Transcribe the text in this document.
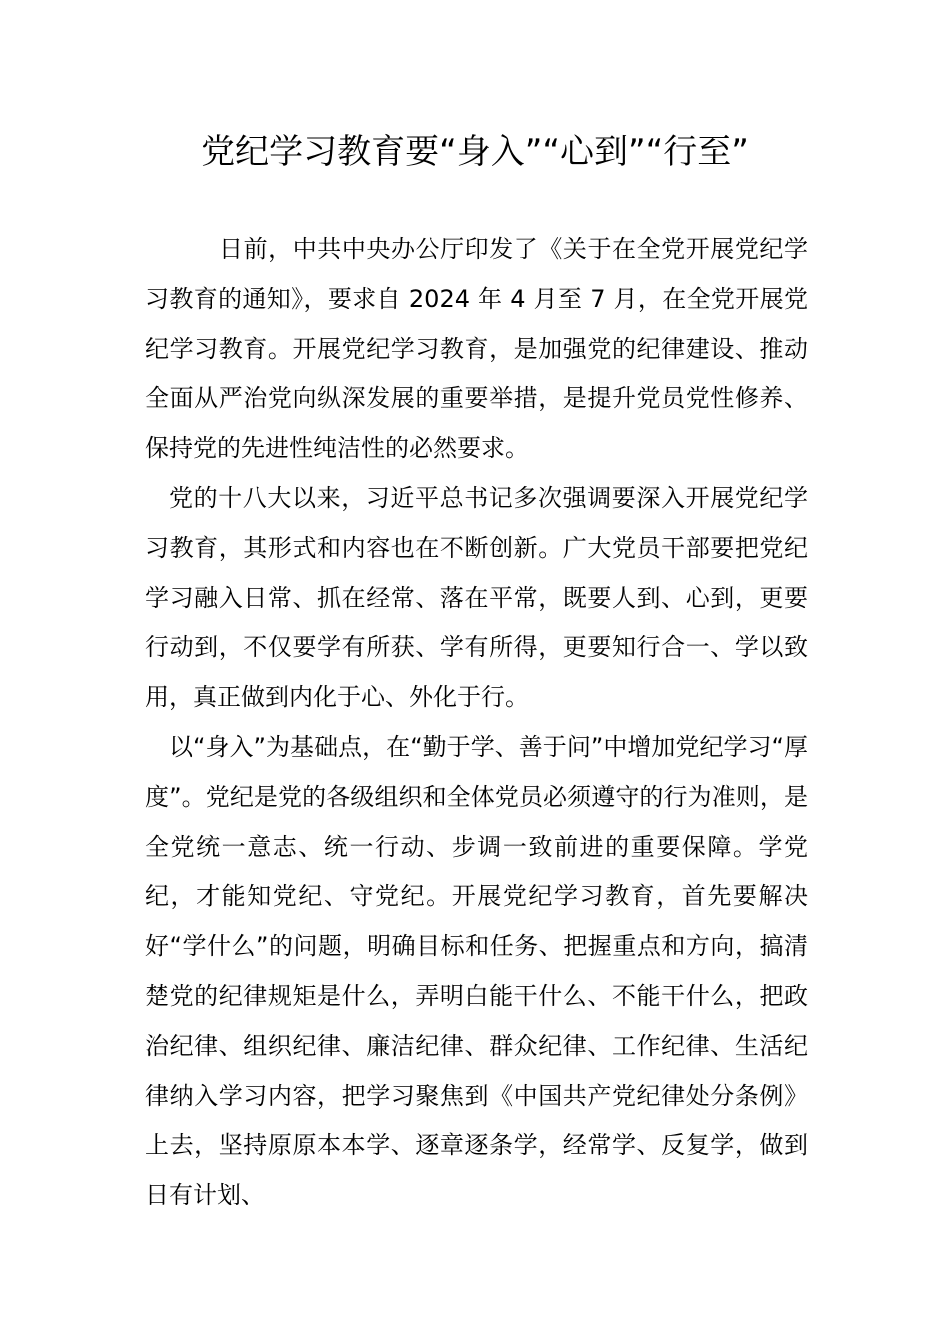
党纪学习教育要“身入”“心到”“行至”

日前，中共中央办公厅印发了《关于在全党开展党纪学习教育的通知》，要求自 2024 年 4 月至 7 月，在全党开展党纪学习教育。开展党纪学习教育，是加强党的纪律建设、推动全面从严治党向纵深发展的重要举措，是提升党员党性修养、保持党的先进性纯洁性的必然要求。

党的十八大以来，习近平总书记多次强调要深入开展党纪学习教育，其形式和内容也在不断创新。广大党员干部要把党纪学习融入日常、抓在经常、落在平常，既要人到、心到，更要行动到，不仅要学有所获、学有所得，更要知行合一、学以致用，真正做到内化于心、外化于行。

以“身入”为基础点，在“勤于学、善于问”中增加党纪学习“厚度”。党纪是党的各级组织和全体党员必须遵守的行为准则，是全党统一意志、统一行动、步调一致前进的重要保障。学党纪，才能知党纪、守党纪。开展党纪学习教育，首先要解决好“学什么”的问题，明确目标和任务、把握重点和方向，搞清楚党的纪律规矩是什么，弄明白能干什么、不能干什么，把政治纪律、组织纪律、廉洁纪律、群众纪律、工作纪律、生活纪律纳入学习内容，把学习聚焦到《中国共产党纪律处分条例》上去，坚持原原本本学、逐章逐条学，经常学、反复学，做到日有计划、
